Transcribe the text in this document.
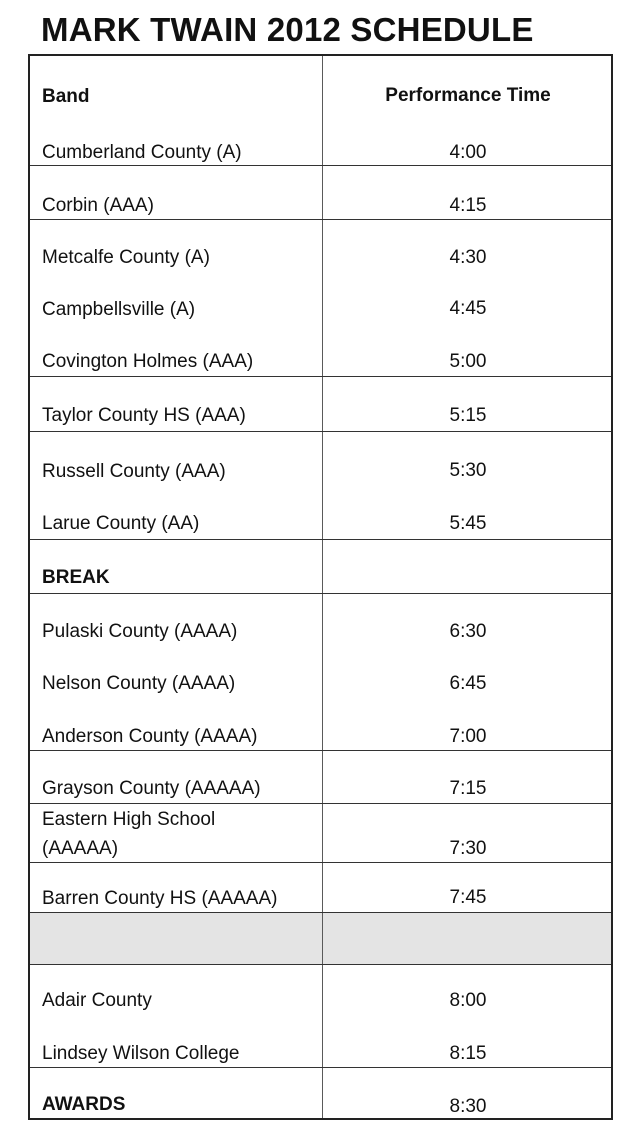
MARK TWAIN 2012 SCHEDULE
Band	Performance Time
Cumberland County (A)	4:00
Corbin (AAA)	4:15
Metcalfe County (A)	4:30
Campbellsville (A)	4:45
Covington Holmes (AAA)	5:00
Taylor County HS (AAA)	5:15
Russell County (AAA)	5:30
Larue County (AA)	5:45
BREAK
Pulaski County (AAAA)	6:30
Nelson County (AAAA)	6:45
Anderson County (AAAA)	7:00
Grayson County (AAAAA)	7:15
Eastern High School (AAAAA)	7:30
Barren County HS (AAAAA)	7:45
Adair County	8:00
Lindsey Wilson College	8:15
AWARDS	8:30
